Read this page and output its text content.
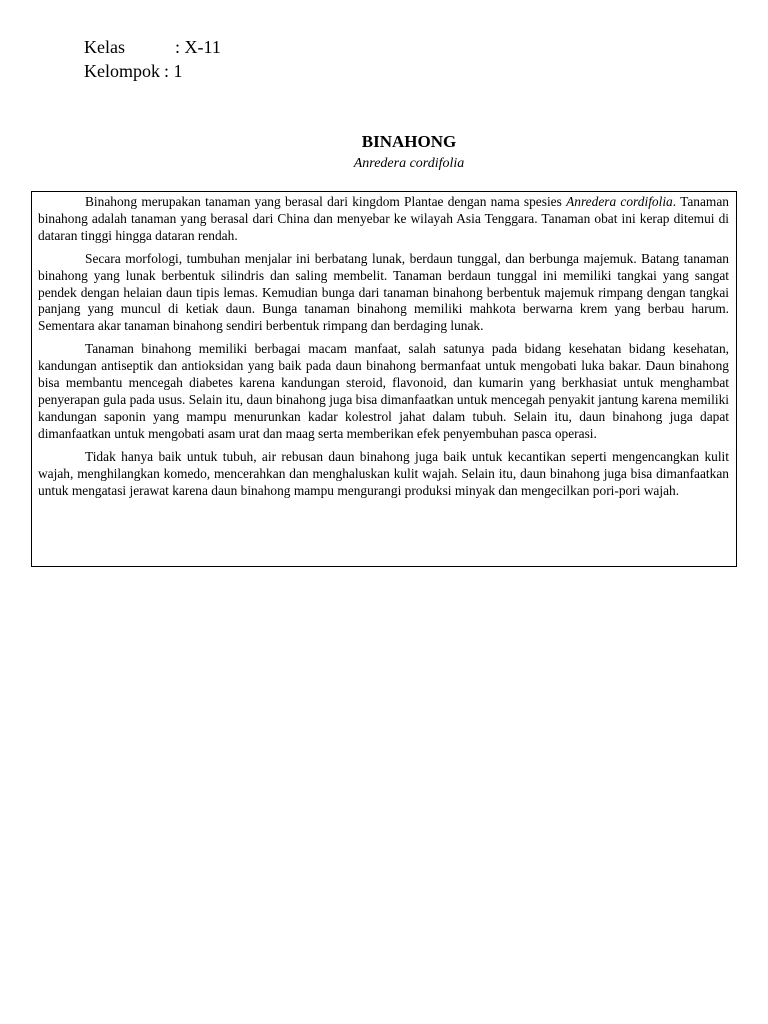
Kelas	: X-11
Kelompok : 1
BINAHONG
Anredera cordifolia

Binahong merupakan tanaman yang berasal dari kingdom Plantae dengan nama spesies Anredera cordifolia. Tanaman binahong adalah tanaman yang berasal dari China dan menyebar ke wilayah Asia Tenggara. Tanaman obat ini kerap ditemui di dataran tinggi hingga dataran rendah.

Secara morfologi, tumbuhan menjalar ini berbatang lunak, berdaun tunggal, dan berbunga majemuk. Batang tanaman binahong yang lunak berbentuk silindris dan saling membelit. Tanaman berdaun tunggal ini memiliki tangkai yang sangat pendek dengan helaian daun tipis lemas. Kemudian bunga dari tanaman binahong berbentuk majemuk rimpang dengan tangkai panjang yang muncul di ketiak daun. Bunga tanaman binahong memiliki mahkota berwarna krem yang berbau harum. Sementara akar tanaman binahong sendiri berbentuk rimpang dan berdaging lunak.

Tanaman binahong memiliki berbagai macam manfaat, salah satunya pada bidang kesehatan bidang kesehatan, kandungan antiseptik dan antioksidan yang baik pada daun binahong bermanfaat untuk mengobati luka bakar. Daun binahong bisa membantu mencegah diabetes karena kandungan steroid, flavonoid, dan kumarin yang berkhasiat untuk menghambat penyerapan gula pada usus. Selain itu, daun binahong juga bisa dimanfaatkan untuk mencegah penyakit jantung karena memiliki kandungan saponin yang mampu menurunkan kadar kolestrol jahat dalam tubuh. Selain itu, daun binahong juga dapat dimanfaatkan untuk mengobati asam urat dan maag serta memberikan efek penyembuhan pasca operasi.

Tidak hanya baik untuk tubuh, air rebusan daun binahong juga baik untuk kecantikan seperti mengencangkan kulit wajah, menghilangkan komedo, mencerahkan dan menghaluskan kulit wajah. Selain itu, daun binahong juga bisa dimanfaatkan untuk mengatasi jerawat karena daun binahong mampu mengurangi produksi minyak dan mengecilkan pori-pori wajah.
